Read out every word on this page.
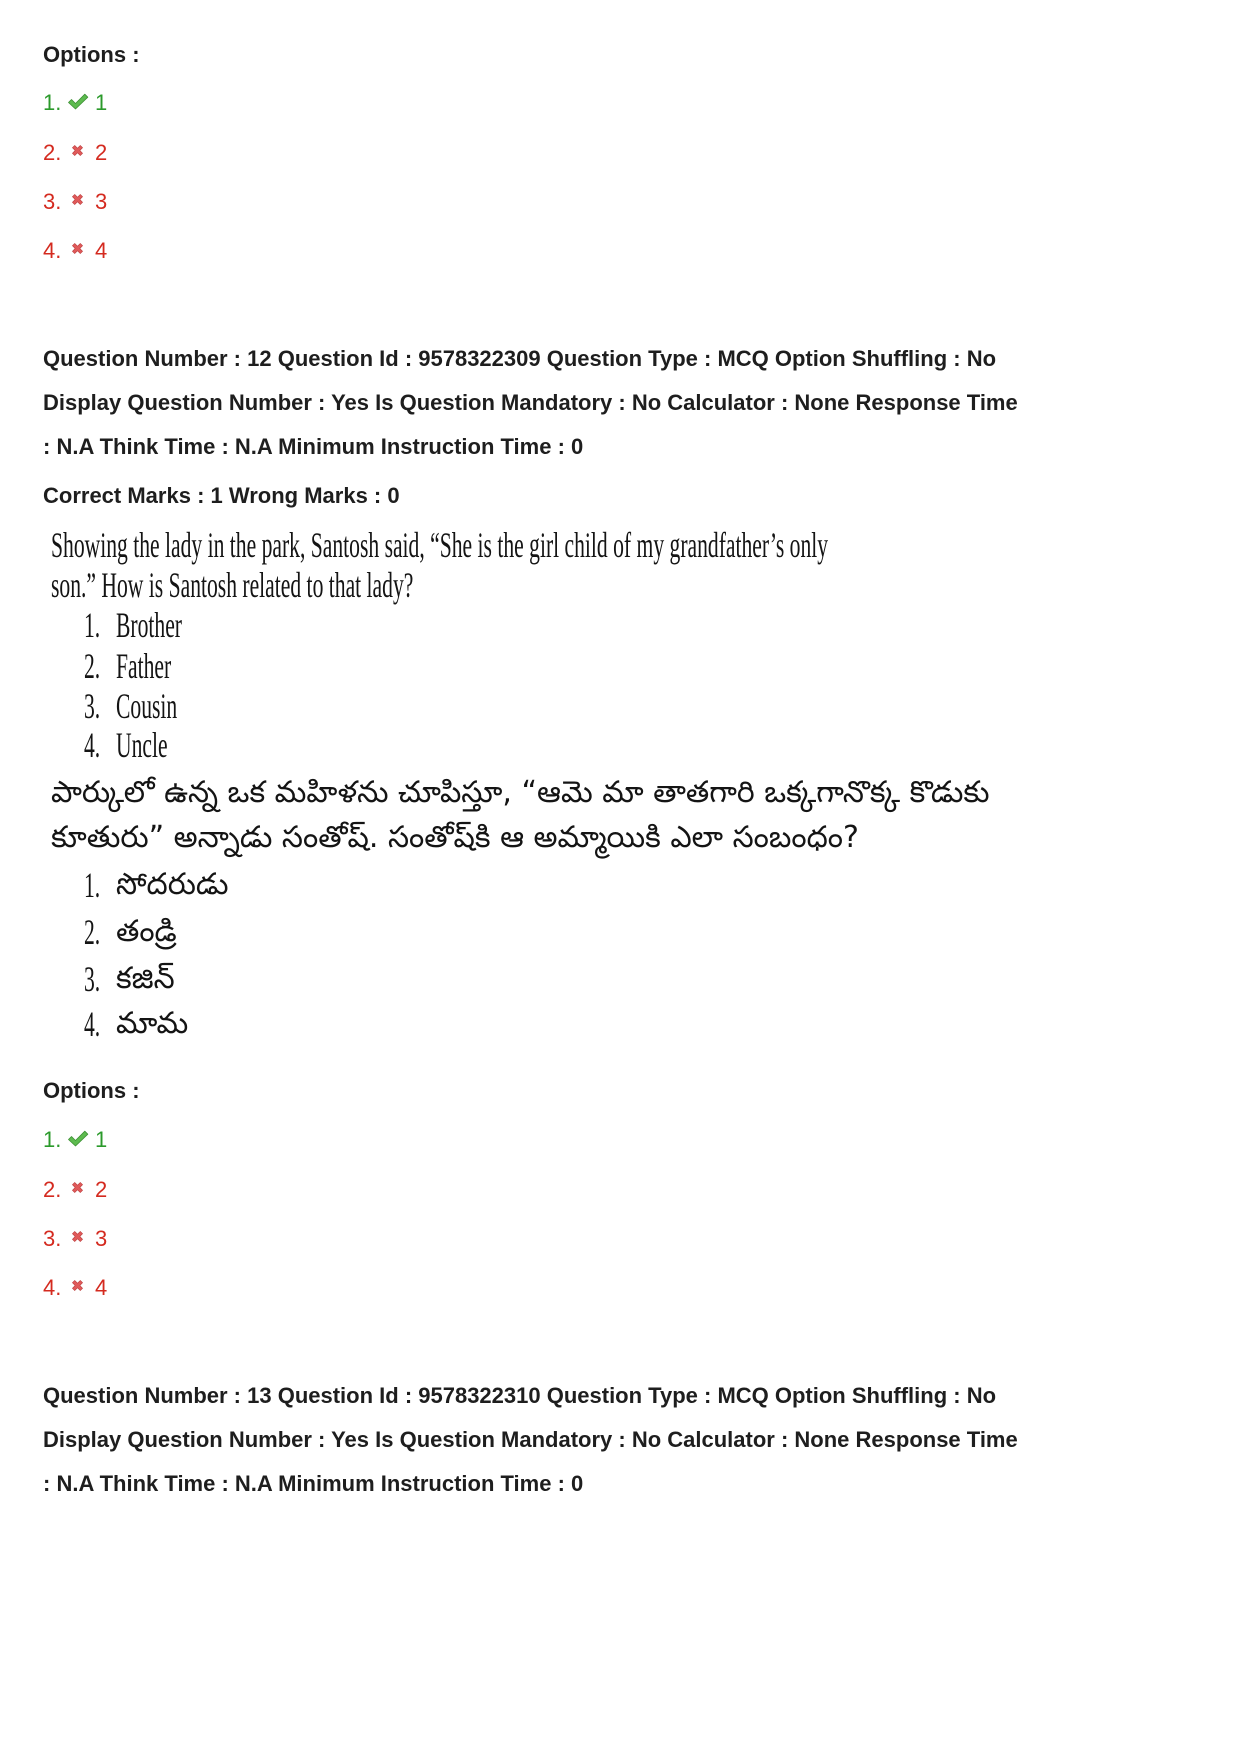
Options :
1. 1
2. 2
3. 3
4. 4
Question Number : 12 Question Id : 9578322309 Question Type : MCQ Option Shuffling : No
Display Question Number : Yes Is Question Mandatory : No Calculator : None Response Time
: N.A Think Time : N.A Minimum Instruction Time : 0
Correct Marks : 1 Wrong Marks : 0
Showing the lady in the park, Santosh said, “She is the girl child of my grandfather’s only
son.” How is Santosh related to that lady?
1. Brother
2. Father
3. Cousin
4. Uncle
పార్కులో ఉన్న ఒక మహిళను చూపిస్తూ, “ఆమె మా తాతగారి ఒక్కగానొక్క కొడుకు
కూతురు” అన్నాడు సంతోష్. సంతోష్‌కి ఆ అమ్మాయికి ఎలా సంబంధం?
1. సోదరుడు
2. తండ్రి
3. కజిన్
4. మామ
Options :
1. 1
2. 2
3. 3
4. 4
Question Number : 13 Question Id : 9578322310 Question Type : MCQ Option Shuffling : No
Display Question Number : Yes Is Question Mandatory : No Calculator : None Response Time
: N.A Think Time : N.A Minimum Instruction Time : 0
